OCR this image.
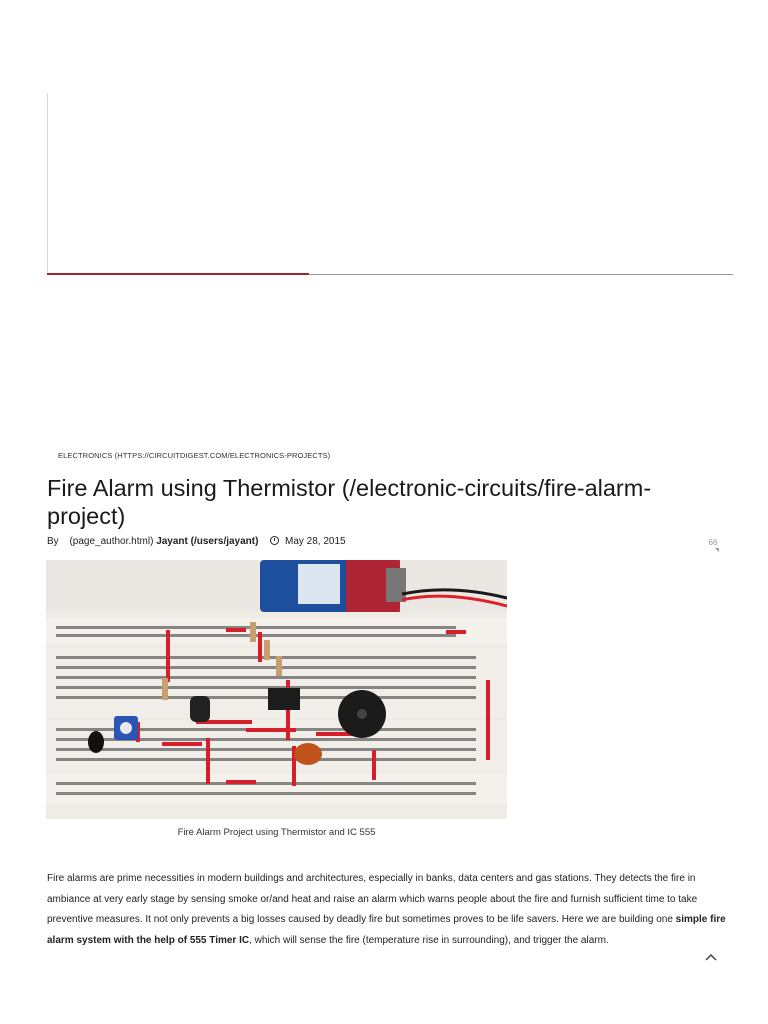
ELECTRONICS (HTTPS://CIRCUITDIGEST.COM/ELECTRONICS-PROJECTS)
Fire Alarm using Thermistor (/electronic-circuits/fire-alarm-project)
By (page_author.html) Jayant (/users/jayant)	May 28, 2015	66
Fire Alarm Project using Thermistor and IC 555

Fire alarms are prime necessities in modern buildings and architectures, especially in banks, data centers and gas stations. They detects the fire in ambiance at very early stage by sensing smoke or/and heat and raise an alarm which warns people about the fire and furnish sufficient time to take preventive measures. It not only prevents a big losses caused by deadly fire but sometimes proves to be life savers. Here we are building one simple fire alarm system with the help of 555 Timer IC, which will sense the fire (temperature rise in surrounding), and trigger the alarm.
